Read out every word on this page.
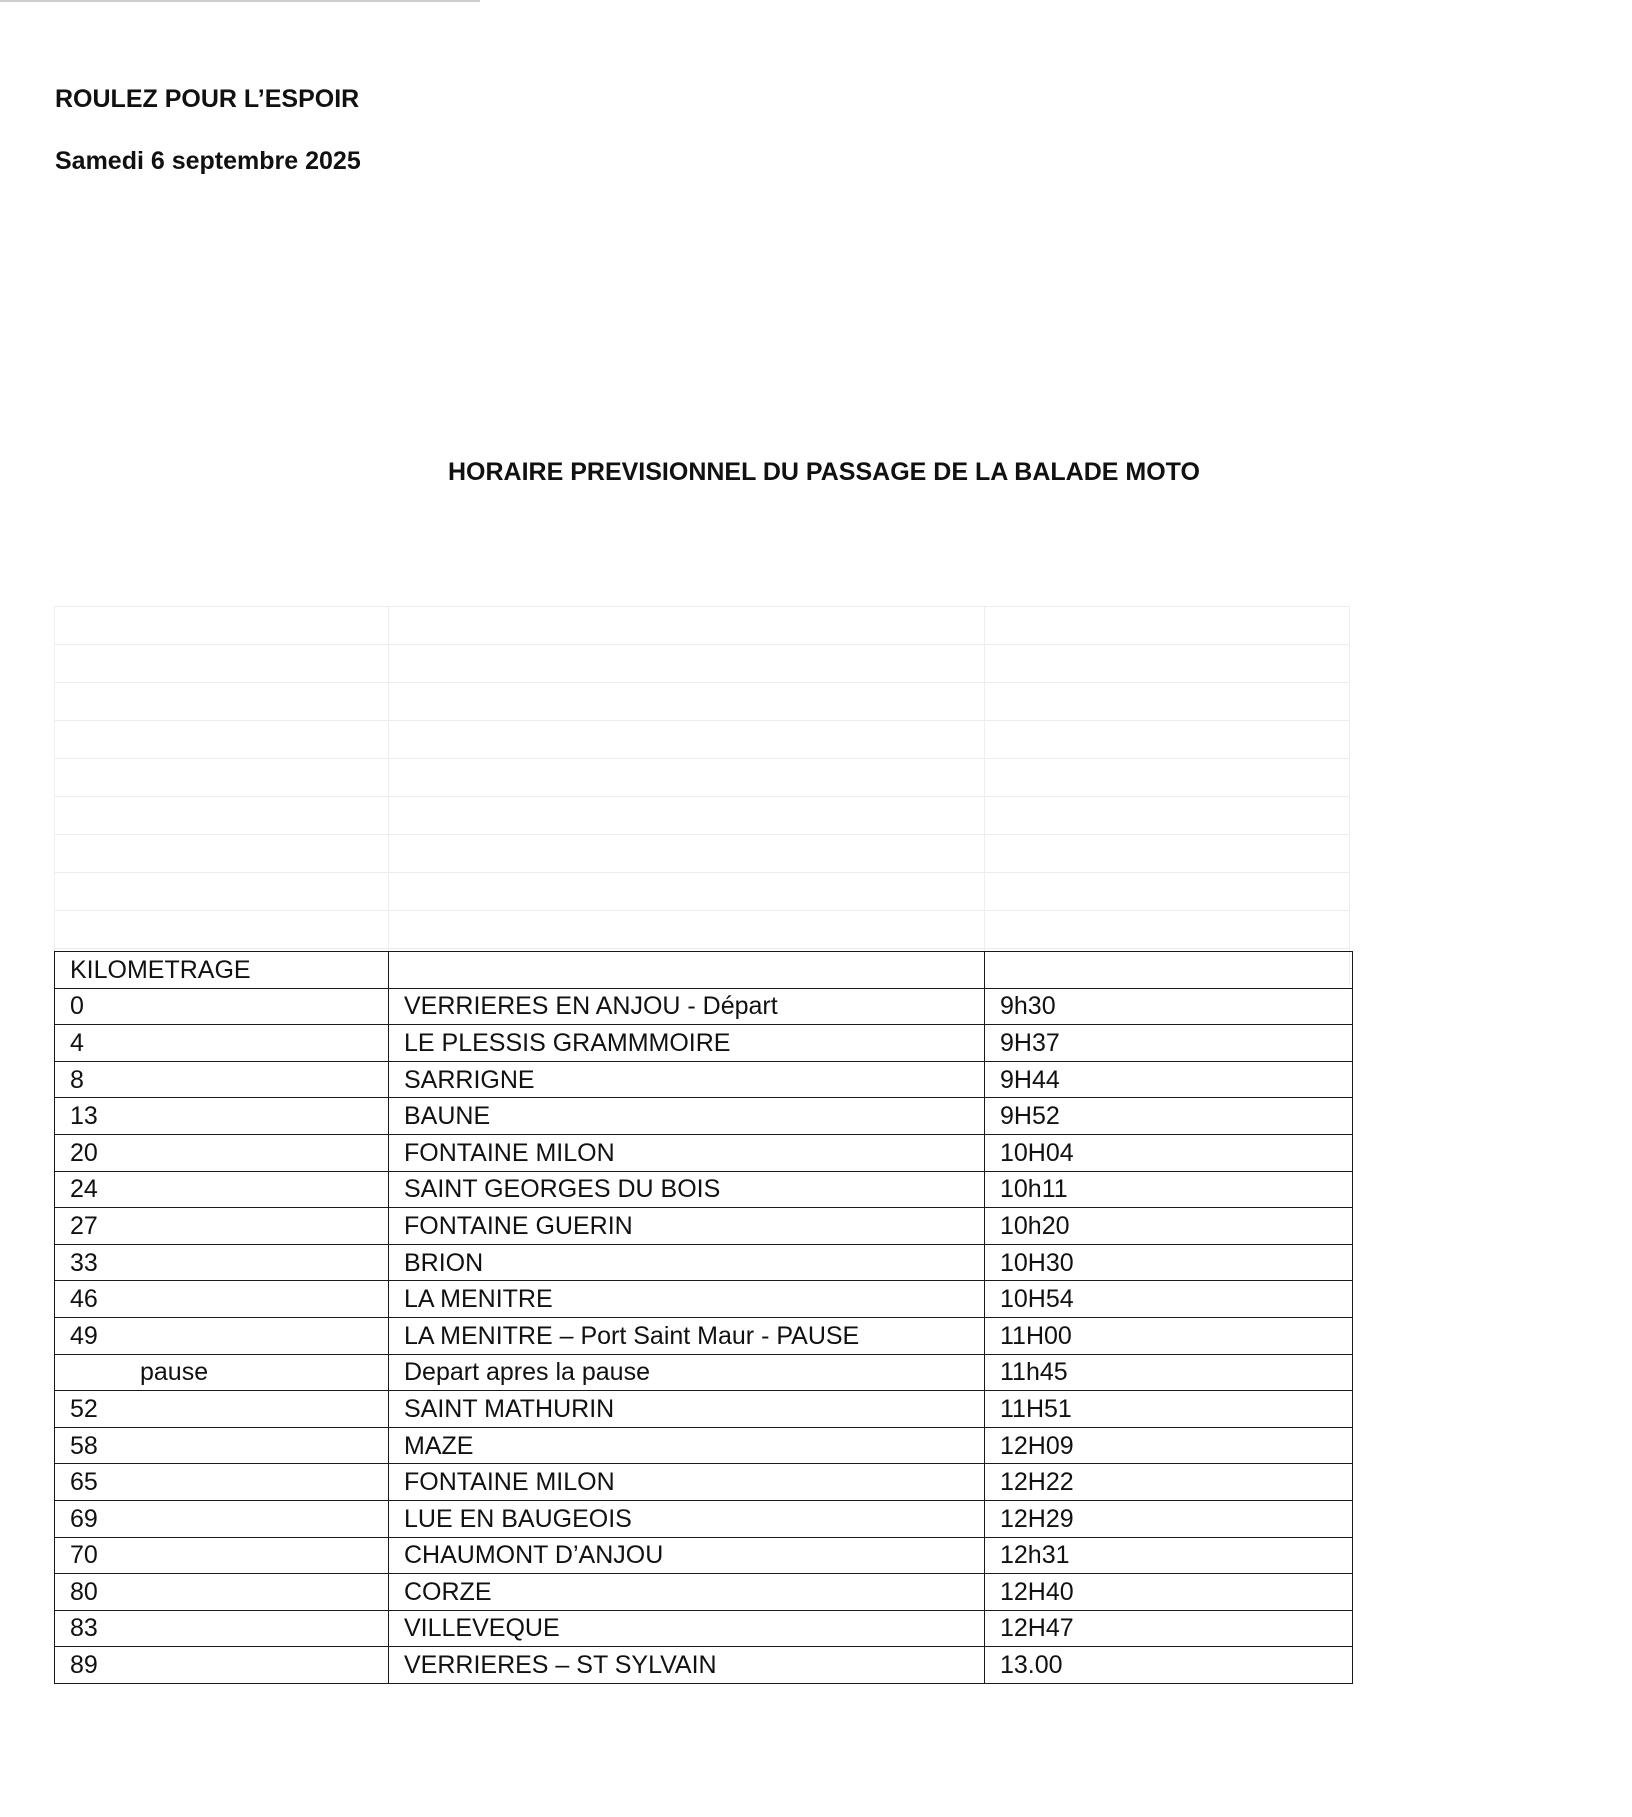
ROULEZ POUR L’ESPOIR
Samedi 6 septembre 2025
HORAIRE PREVISIONNEL DU PASSAGE DE LA BALADE MOTO
KILOMETRAGE		
0	VERRIERES EN ANJOU - Départ	9h30
4	LE PLESSIS GRAMMMOIRE	9H37
8	SARRIGNE	9H44
13	BAUNE	9H52
20	FONTAINE MILON	10H04
24	SAINT GEORGES DU BOIS	10h11
27	FONTAINE GUERIN	10h20
33	BRION	10H30
46	LA MENITRE	10H54
49	LA MENITRE – Port Saint Maur - PAUSE	11H00
pause	Depart apres la pause	11h45
52	SAINT MATHURIN	11H51
58	MAZE	12H09
65	FONTAINE MILON	12H22
69	LUE EN BAUGEOIS	12H29
70	CHAUMONT D’ANJOU	12h31
80	CORZE	12H40
83	VILLEVEQUE	12H47
89	VERRIERES – ST SYLVAIN	13.00
